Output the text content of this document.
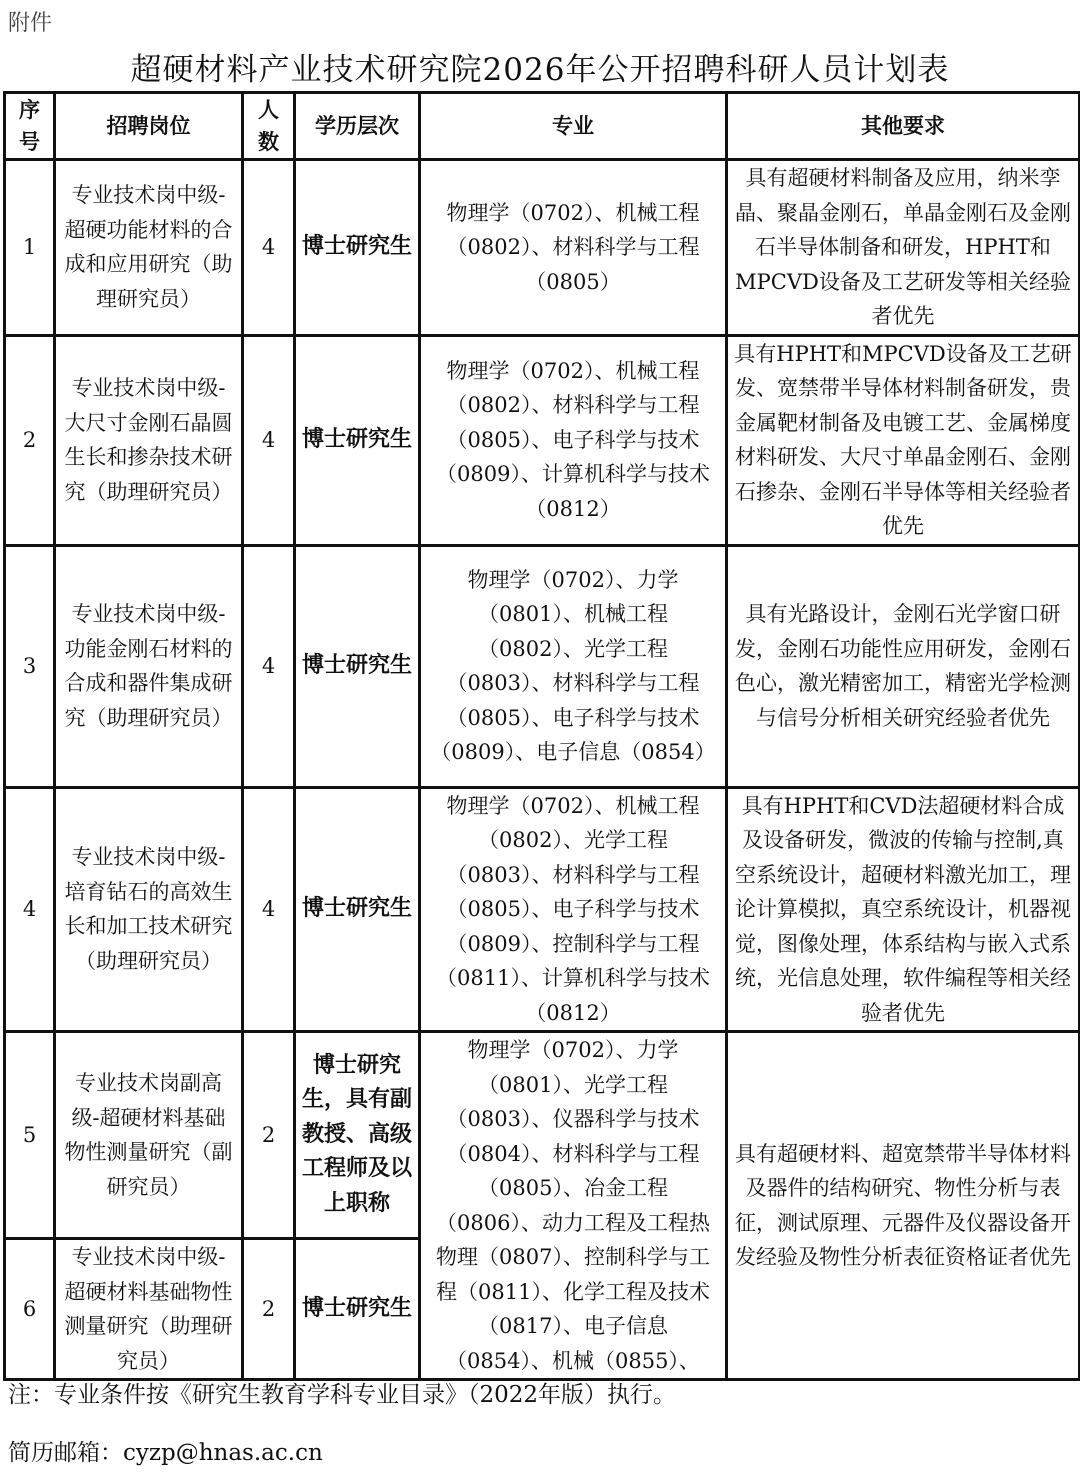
附件
超硬材料产业技术研究院2026年公开招聘科研人员计划表
序号	招聘岗位	人数	学历层次	专业	其他要求
1	专业技术岗中级-超硬功能材料的合成和应用研究（助理研究员）	4	博士研究生	物理学（0702）、机械工程（0802）、材料科学与工程（0805）	具有超硬材料制备及应用，纳米孪晶、聚晶金刚石，单晶金刚石及金刚石半导体制备和研发，HPHT和MPCVD设备及工艺研发等相关经验者优先
2	专业技术岗中级-大尺寸金刚石晶圆生长和掺杂技术研究（助理研究员）	4	博士研究生	物理学（0702）、机械工程（0802）、材料科学与工程（0805）、电子科学与技术（0809）、计算机科学与技术（0812）	具有HPHT和MPCVD设备及工艺研发、宽禁带半导体材料制备研发，贵金属靶材制备及电镀工艺、金属梯度材料研发、大尺寸单晶金刚石、金刚石掺杂、金刚石半导体等相关经验者优先
3	专业技术岗中级-功能金刚石材料的合成和器件集成研究（助理研究员）	4	博士研究生	物理学（0702）、力学（0801）、机械工程（0802）、光学工程（0803）、材料科学与工程（0805）、电子科学与技术（0809）、电子信息（0854）	具有光路设计，金刚石光学窗口研发，金刚石功能性应用研发，金刚石色心，激光精密加工，精密光学检测与信号分析相关研究经验者优先
4	专业技术岗中级-培育钻石的高效生长和加工技术研究（助理研究员）	4	博士研究生	物理学（0702）、机械工程（0802）、光学工程（0803）、材料科学与工程（0805）、电子科学与技术（0809）、控制科学与工程（0811）、计算机科学与技术（0812）	具有HPHT和CVD法超硬材料合成及设备研发，微波的传输与控制,真空系统设计，超硬材料激光加工，理论计算模拟，真空系统设计，机器视觉，图像处理，体系结构与嵌入式系统，光信息处理，软件编程等相关经验者优先
5	专业技术岗副高级-超硬材料基础物性测量研究（副研究员）	2	博士研究生，具有副教授、高级工程师及以上职称	物理学（0702）、力学（0801）、光学工程（0803）、仪器科学与技术（0804）、材料科学与工程（0805）、冶金工程（0806）、动力工程及工程热物理（0807）、控制科学与工程（0811）、化学工程及技术（0817）、电子信息（0854）、机械（0855）、	具有超硬材料、超宽禁带半导体材料及器件的结构研究、物性分析与表征，测试原理、元器件及仪器设备开发经验及物性分析表征资格证者优先
6	专业技术岗中级-超硬材料基础物性测量研究（助理研究员）	2	博士研究生		
注：专业条件按《研究生教育学科专业目录》（2022年版）执行。
简历邮箱：cyzp@hnas.ac.cn
